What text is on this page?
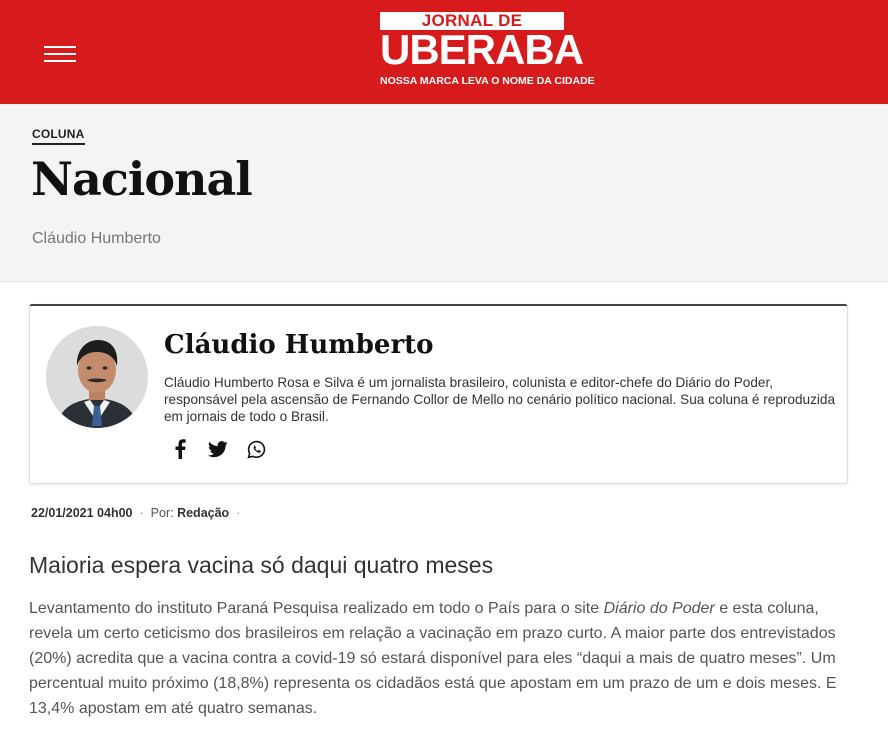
JORNAL DE
UBERABA
NOSSA MARCA LEVA O NOME DA CIDADE
COLUNA
Nacional
Cláudio Humberto
Cláudio Humberto

Cláudio Humberto Rosa e Silva é um jornalista brasileiro, colunista e editor-chefe do Diário do Poder, responsável pela ascensão de Fernando Collor de Mello no cenário político nacional. Sua coluna é reproduzida em jornais de todo o Brasil.

22/01/2021 04h00 · Por: Redação ·
Maioria espera vacina só daqui quatro meses

Levantamento do instituto Paraná Pesquisa realizado em todo o País para o site Diário do Poder e esta coluna, revela um certo ceticismo dos brasileiros em relação a vacinação em prazo curto. A maior parte dos entrevistados (20%) acredita que a vacina contra a covid-19 só estará disponível para eles “daqui a mais de quatro meses”. Um percentual muito próximo (18,8%) representa os cidadãos está que apostam em um prazo de um e dois meses. E 13,4% apostam em até quatro semanas.
